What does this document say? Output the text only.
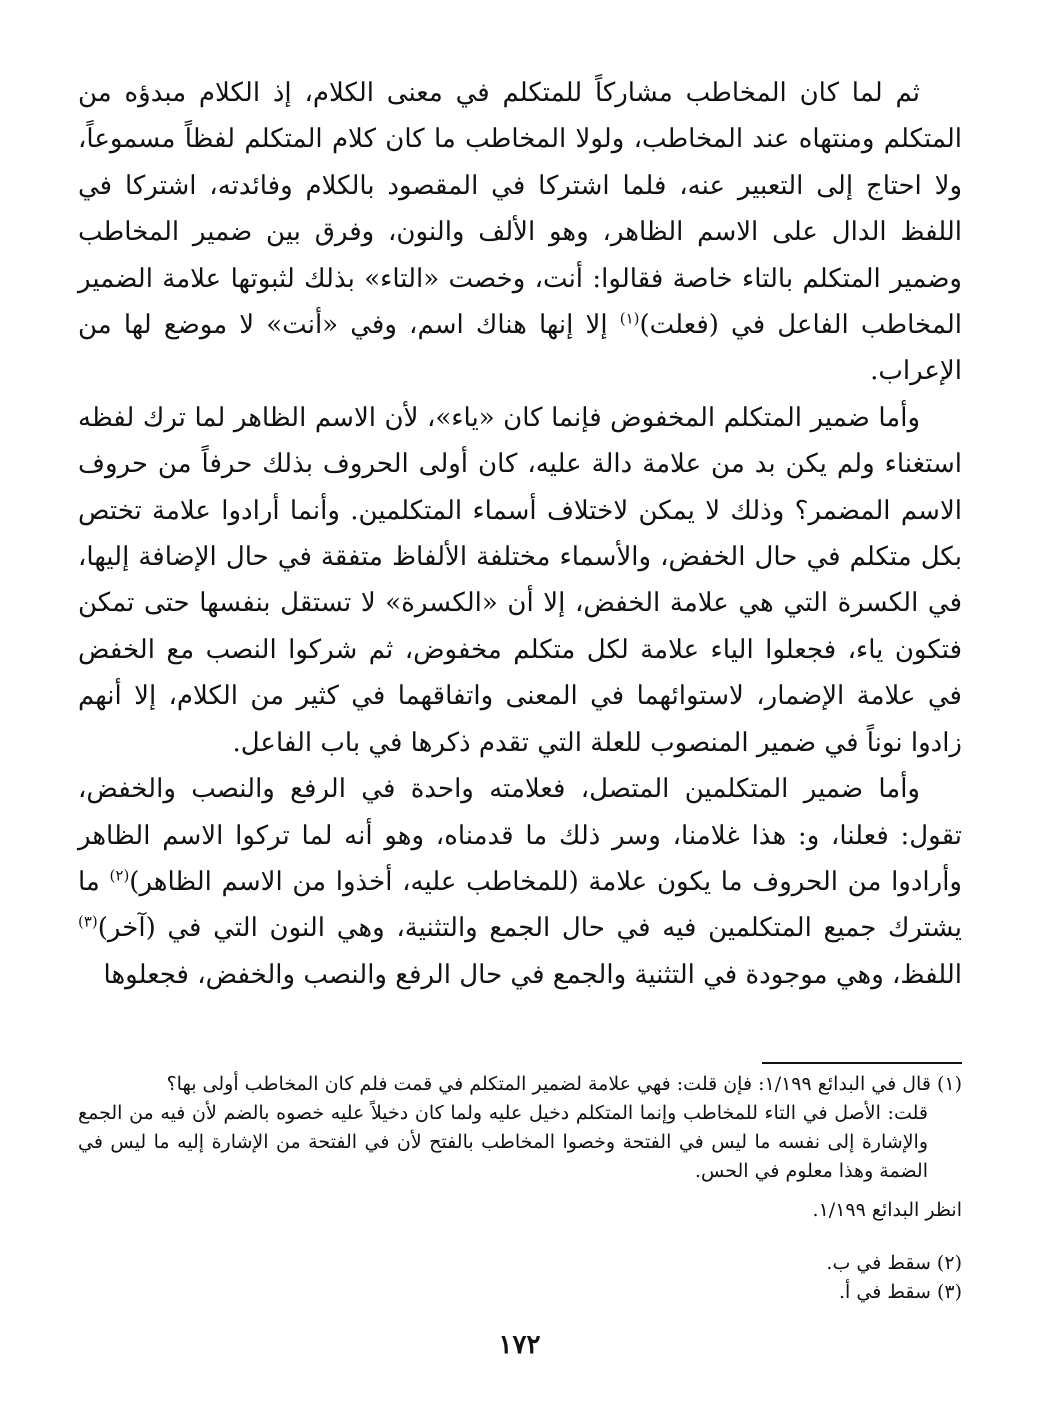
ثم لما كان المخاطب مشاركاً للمتكلم في معنى الكلام، إذ الكلام مبدؤه من المتكلم ومنتهاه عند المخاطب، ولولا المخاطب ما كان كلام المتكلم لفظاً مسموعاً، ولا احتاج إلى التعبير عنه، فلما اشتركا في المقصود بالكلام وفائدته، اشتركا في اللفظ الدال على الاسم الظاهر، وهو الألف والنون، وفرق بين ضمير المخاطب وضمير المتكلم بالتاء خاصة فقالوا: أنت، وخصت «التاء» بذلك لثبوتها علامة الضمير المخاطب الفاعل في (فعلت)$^{(١)}$ إلا إنها هناك اسم، وفي «أنت» لا موضع لها من الإعراب.

وأما ضمير المتكلم المخفوض فإنما كان «ياء»، لأن الاسم الظاهر لما ترك لفظه استغناء ولم يكن بد من علامة دالة عليه، كان أولى الحروف بذلك حرفاً من حروف الاسم المضمر؟ وذلك لا يمكن لاختلاف أسماء المتكلمين. وأنما أرادوا علامة تختص بكل متكلم في حال الخفض، والأسماء مختلفة الألفاظ متفقة في حال الإضافة إليها، في الكسرة التي هي علامة الخفض، إلا أن «الكسرة» لا تستقل بنفسها حتى تمكن فتكون ياء، فجعلوا الياء علامة لكل متكلم مخفوض، ثم شركوا النصب مع الخفض في علامة الإضمار، لاستوائهما في المعنى واتفاقهما في كثير من الكلام، إلا أنهم زادوا نوناً في ضمير المنصوب للعلة التي تقدم ذكرها في باب الفاعل.

وأما ضمير المتكلمين المتصل، فعلامته واحدة في الرفع والنصب والخفض، تقول: فعلنا، و: هذا غلامنا، وسر ذلك ما قدمناه، وهو أنه لما تركوا الاسم الظاهر وأرادوا من الحروف ما يكون علامة (للمخاطب عليه، أخذوا من الاسم الظاهر)$^{(٢)}$ ما يشترك جميع المتكلمين فيه في حال الجمع والتثنية، وهي النون التي في (آخر)$^{(٣)}$ اللفظ، وهي موجودة في التثنية والجمع في حال الرفع والنصب والخفض، فجعلوها

(١) قال في البدائع ١/١٩٩: فإن قلت: فهي علامة لضمير المتكلم في قمت فلم كان المخاطب أولى بها؟

قلت: الأصل في التاء للمخاطب وإنما المتكلم دخيل عليه ولما كان دخيلاً عليه خصوه بالضم لأن فيه من الجمع والإشارة إلى نفسه ما ليس في الفتحة وخصوا المخاطب بالفتح لأن في الفتحة من الإشارة إليه ما ليس في الضمة وهذا معلوم في الحس.

انظر البدائع ١/١٩٩.

(٢) سقط في ب.

(٣) سقط في أ.

١٧٢
